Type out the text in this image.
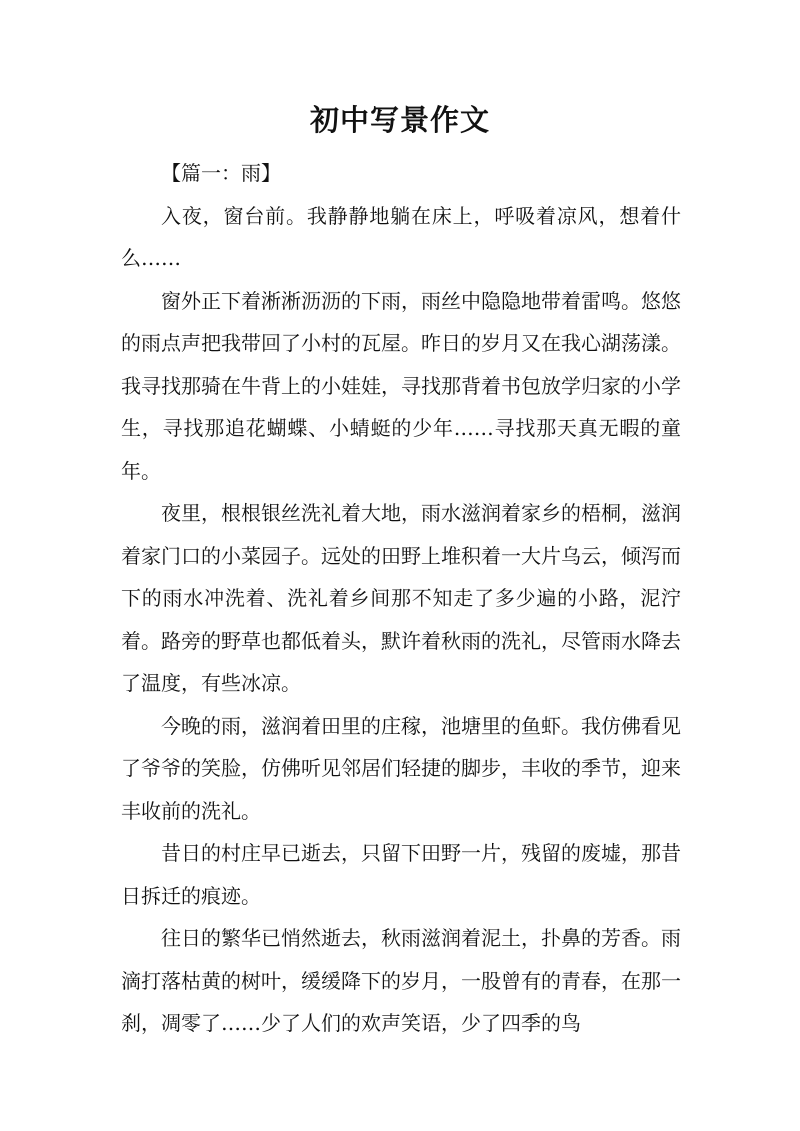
初中写景作文

【篇一：雨】

入夜，窗台前。我静静地躺在床上，呼吸着凉风，想着什么……

窗外正下着淅淅沥沥的下雨，雨丝中隐隐地带着雷鸣。悠悠的雨点声把我带回了小村的瓦屋。昨日的岁月又在我心湖荡漾。我寻找那骑在牛背上的小娃娃，寻找那背着书包放学归家的小学生，寻找那追花蝴蝶、小蜻蜓的少年……寻找那天真无暇的童年。

夜里，根根银丝洗礼着大地，雨水滋润着家乡的梧桐，滋润着家门口的小菜园子。远处的田野上堆积着一大片乌云，倾泻而下的雨水冲洗着、洗礼着乡间那不知走了多少遍的小路，泥泞着。路旁的野草也都低着头，默许着秋雨的洗礼，尽管雨水降去了温度，有些冰凉。

今晚的雨，滋润着田里的庄稼，池塘里的鱼虾。我仿佛看见了爷爷的笑脸，仿佛听见邻居们轻捷的脚步，丰收的季节，迎来丰收前的洗礼。

昔日的村庄早已逝去，只留下田野一片，残留的废墟，那昔日拆迁的痕迹。

往日的繁华已悄然逝去，秋雨滋润着泥土，扑鼻的芳香。雨滴打落枯黄的树叶，缓缓降下的岁月，一股曾有的青春，在那一刹，凋零了……少了人们的欢声笑语，少了四季的鸟
